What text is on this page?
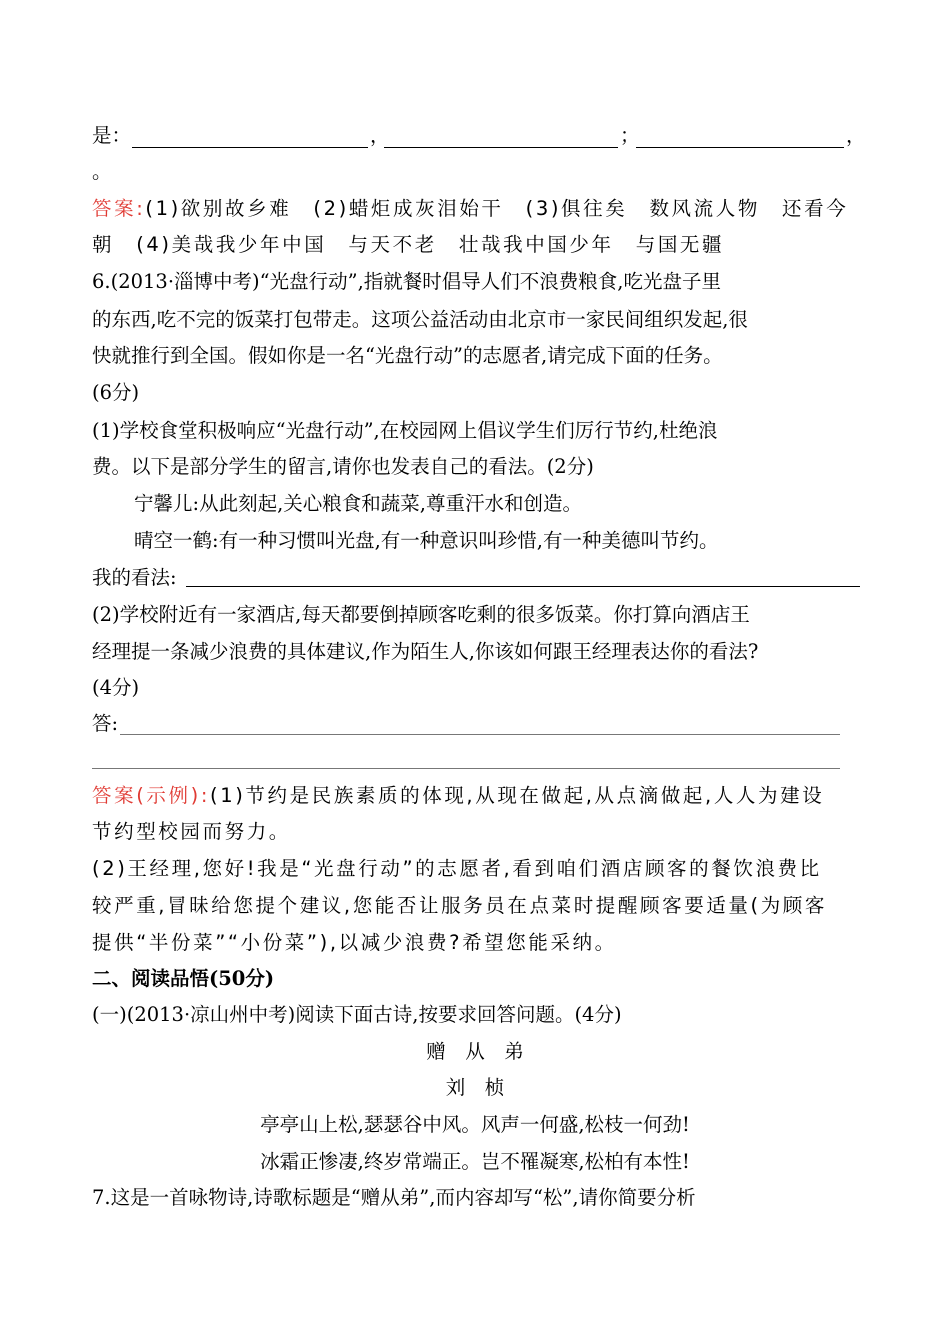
是：	，	；	，
。
答案:(1)欲别故乡难　(2)蜡炬成灰泪始干　(3)俱往矣　数风流人物　还看今
朝　(4)美哉我少年中国　与天不老　壮哉我中国少年　与国无疆
6.(2013·淄博中考)“光盘行动”,指就餐时倡导人们不浪费粮食,吃光盘子里
的东西,吃不完的饭菜打包带走。这项公益活动由北京市一家民间组织发起,很
快就推行到全国。假如你是一名“光盘行动”的志愿者,请完成下面的任务。
(6分)
(1)学校食堂积极响应“光盘行动”,在校园网上倡议学生们厉行节约,杜绝浪
费。以下是部分学生的留言,请你也发表自己的看法。(2分)
宁馨儿:从此刻起,关心粮食和蔬菜,尊重汗水和创造。
晴空一鹤:有一种习惯叫光盘,有一种意识叫珍惜,有一种美德叫节约。
我的看法:
(2)学校附近有一家酒店,每天都要倒掉顾客吃剩的很多饭菜。你打算向酒店王
经理提一条减少浪费的具体建议,作为陌生人,你该如何跟王经理表达你的看法?
(4分)
答:
答案(示例):(1)节约是民族素质的体现,从现在做起,从点滴做起,人人为建设
节约型校园而努力。
(2)王经理,您好!我是“光盘行动”的志愿者,看到咱们酒店顾客的餐饮浪费比
较严重,冒昧给您提个建议,您能否让服务员在点菜时提醒顾客要适量(为顾客
提供“半份菜”“小份菜”),以减少浪费?希望您能采纳。
二、阅读品悟(50分)
(一)(2013·凉山州中考)阅读下面古诗,按要求回答问题。(4分)
赠　从　弟
刘　桢
亭亭山上松,瑟瑟谷中风。风声一何盛,松枝一何劲!
冰霜正惨凄,终岁常端正。岂不罹凝寒,松柏有本性!
7.这是一首咏物诗,诗歌标题是“赠从弟”,而内容却写“松”,请你简要分析
